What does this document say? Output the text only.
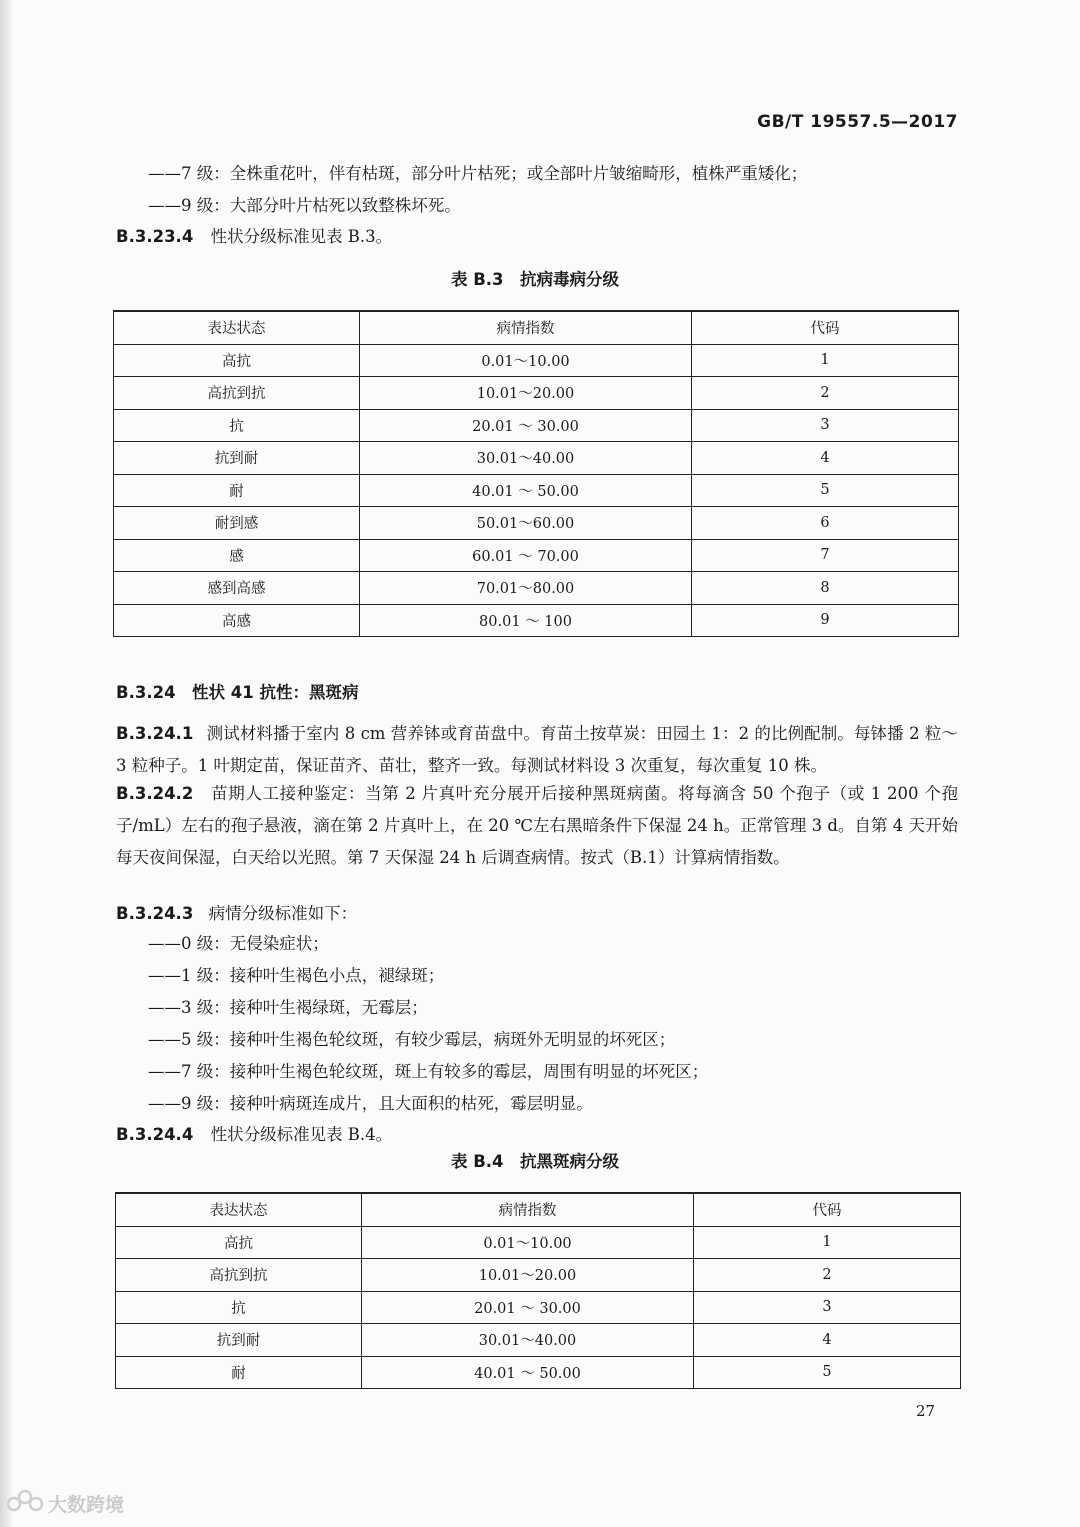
GB/T 19557.5—2017
——7 级：全株重花叶，伴有枯斑，部分叶片枯死；或全部叶片皱缩畸形，植株严重矮化；
——9 级：大部分叶片枯死以致整株坏死。
B.3.23.4 性状分级标准见表 B.3。
表 B.3　抗病毒病分级
表达状态	病情指数	代码
高抗	0.01～10.00	1
高抗到抗	10.01～20.00	2
抗	20.01 ～ 30.00	3
抗到耐	30.01～40.00	4
耐	40.01 ～ 50.00	5
耐到感	50.01～60.00	6
感	60.01 ～ 70.00	7
感到高感	70.01～80.00	8
高感	80.01 ～ 100	9
B.3.24　性状 41 抗性：黑斑病
B.3.24.1 测试材料播于室内 8 cm 营养钵或育苗盘中。育苗土按草炭：田园土 1：2 的比例配制。每钵播 2 粒～3 粒种子。1 叶期定苗，保证苗齐、苗壮，整齐一致。每测试材料设 3 次重复，每次重复 10 株。
B.3.24.2 苗期人工接种鉴定：当第 2 片真叶充分展开后接种黑斑病菌。将每滴含 50 个孢子（或 1 200 个孢子/mL）左右的孢子悬液，滴在第 2 片真叶上，在 20 ℃左右黑暗条件下保湿 24 h。正常管理 3 d。自第 4 天开始每天夜间保湿，白天给以光照。第 7 天保湿 24 h 后调查病情。按式（B.1）计算病情指数。
B.3.24.3 病情分级标准如下：
——0 级：无侵染症状；
——1 级：接种叶生褐色小点，褪绿斑；
——3 级：接种叶生褐绿斑，无霉层；
——5 级：接种叶生褐色轮纹斑，有较少霉层，病斑外无明显的坏死区；
——7 级：接种叶生褐色轮纹斑，斑上有较多的霉层，周围有明显的坏死区；
——9 级：接种叶病斑连成片，且大面积的枯死，霉层明显。
B.3.24.4 性状分级标准见表 B.4。
表 B.4　抗黑斑病分级
表达状态	病情指数	代码
高抗	0.01～10.00	1
高抗到抗	10.01～20.00	2
抗	20.01 ～ 30.00	3
抗到耐	30.01～40.00	4
耐	40.01 ～ 50.00	5
27
大数跨境
